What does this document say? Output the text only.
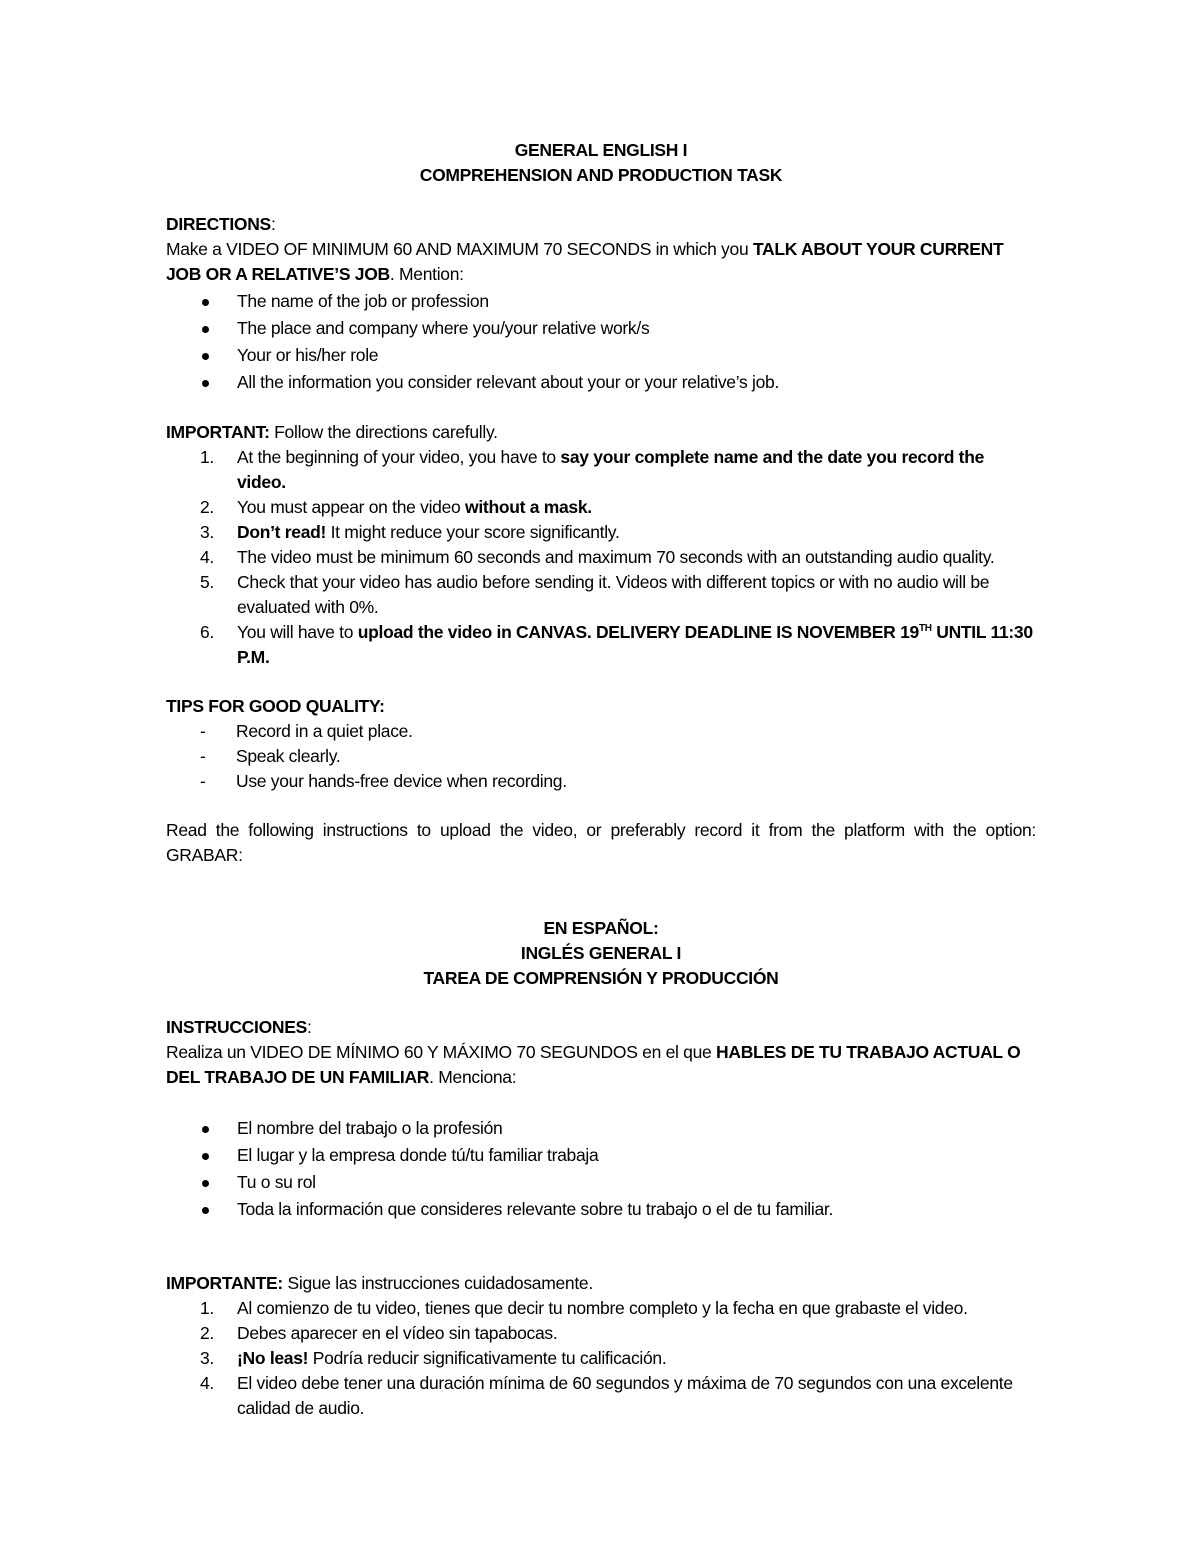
GENERAL ENGLISH I

COMPREHENSION AND PRODUCTION TASK

DIRECTIONS:

Make a VIDEO OF MINIMUM 60 AND MAXIMUM 70 SECONDS in which you TALK ABOUT YOUR CURRENT JOB OR A RELATIVE’S JOB. Mention:

The name of the job or profession
The place and company where you/your relative work/s
Your or his/her role
All the information you consider relevant about your or your relative’s job.

IMPORTANT: Follow the directions carefully.

1. At the beginning of your video, you have to say your complete name and the date you record the video.
2. You must appear on the video without a mask.
3. Don’t read! It might reduce your score significantly.
4. The video must be minimum 60 seconds and maximum 70 seconds with an outstanding audio quality.
5. Check that your video has audio before sending it. Videos with different topics or with no audio will be evaluated with 0%.
6. You will have to upload the video in CANVAS. DELIVERY DEADLINE IS NOVEMBER 19TH UNTIL 11:30 P.M.

TIPS FOR GOOD QUALITY:

- Record in a quiet place.
- Speak clearly.
- Use your hands-free device when recording.

Read the following instructions to upload the video, or preferably record it from the platform with the option: GRABAR:

EN ESPAÑOL:

INGLÉS GENERAL I

TAREA DE COMPRENSIÓN Y PRODUCCIÓN

INSTRUCCIONES:

Realiza un VIDEO DE MÍNIMO 60 Y MÁXIMO 70 SEGUNDOS en el que HABLES DE TU TRABAJO ACTUAL O DEL TRABAJO DE UN FAMILIAR. Menciona:

El nombre del trabajo o la profesión
El lugar y la empresa donde tú/tu familiar trabaja
Tu o su rol
Toda la información que consideres relevante sobre tu trabajo o el de tu familiar.

IMPORTANTE: Sigue las instrucciones cuidadosamente.

1. Al comienzo de tu video, tienes que decir tu nombre completo y la fecha en que grabaste el video.
2. Debes aparecer en el vídeo sin tapabocas.
3. ¡No leas! Podría reducir significativamente tu calificación.
4. El video debe tener una duración mínima de 60 segundos y máxima de 70 segundos con una excelente calidad de audio.
